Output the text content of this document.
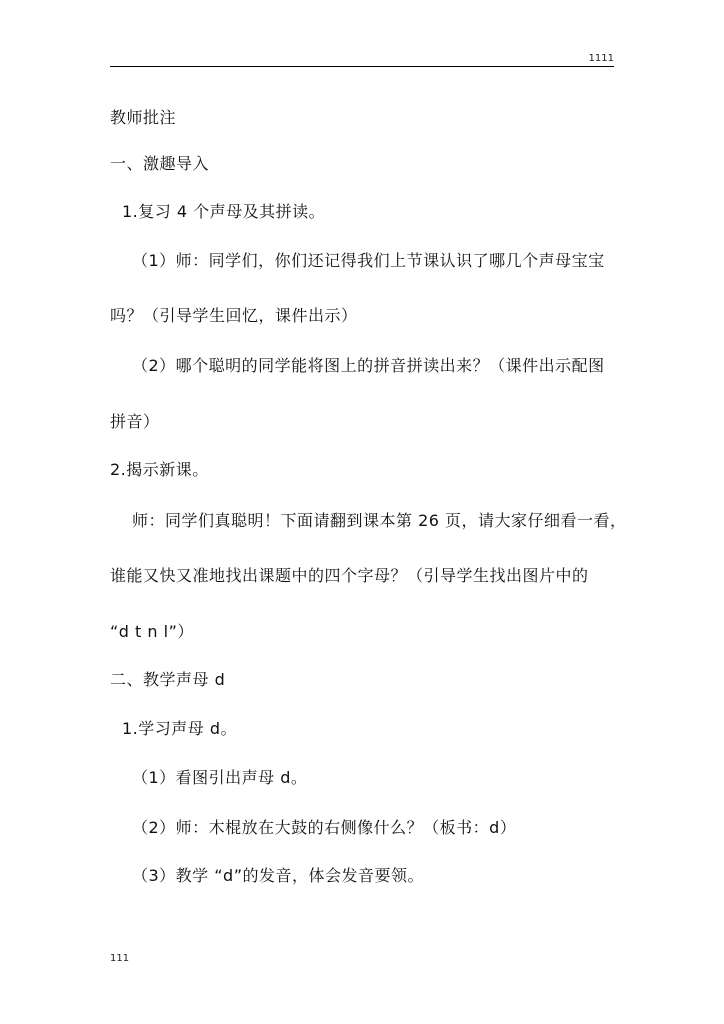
1111
教师批注
一、激趣导入
1.复习 4 个声母及其拼读。
（1）师：同学们，你们还记得我们上节课认识了哪几个声母宝宝
吗？（引导学生回忆，课件出示）
（2）哪个聪明的同学能将图上的拼音拼读出来？（课件出示配图
拼音）
2.揭示新课。
师：同学们真聪明！下面请翻到课本第 26 页，请大家仔细看一看，
谁能又快又准地找出课题中的四个字母？（引导学生找出图片中的
“d t n l”）
二、教学声母 d
1.学习声母 d。
（1）看图引出声母 d。
（2）师：木棍放在大鼓的右侧像什么？（板书：d）
（3）教学 “d”的发音，体会发音要领。
111
